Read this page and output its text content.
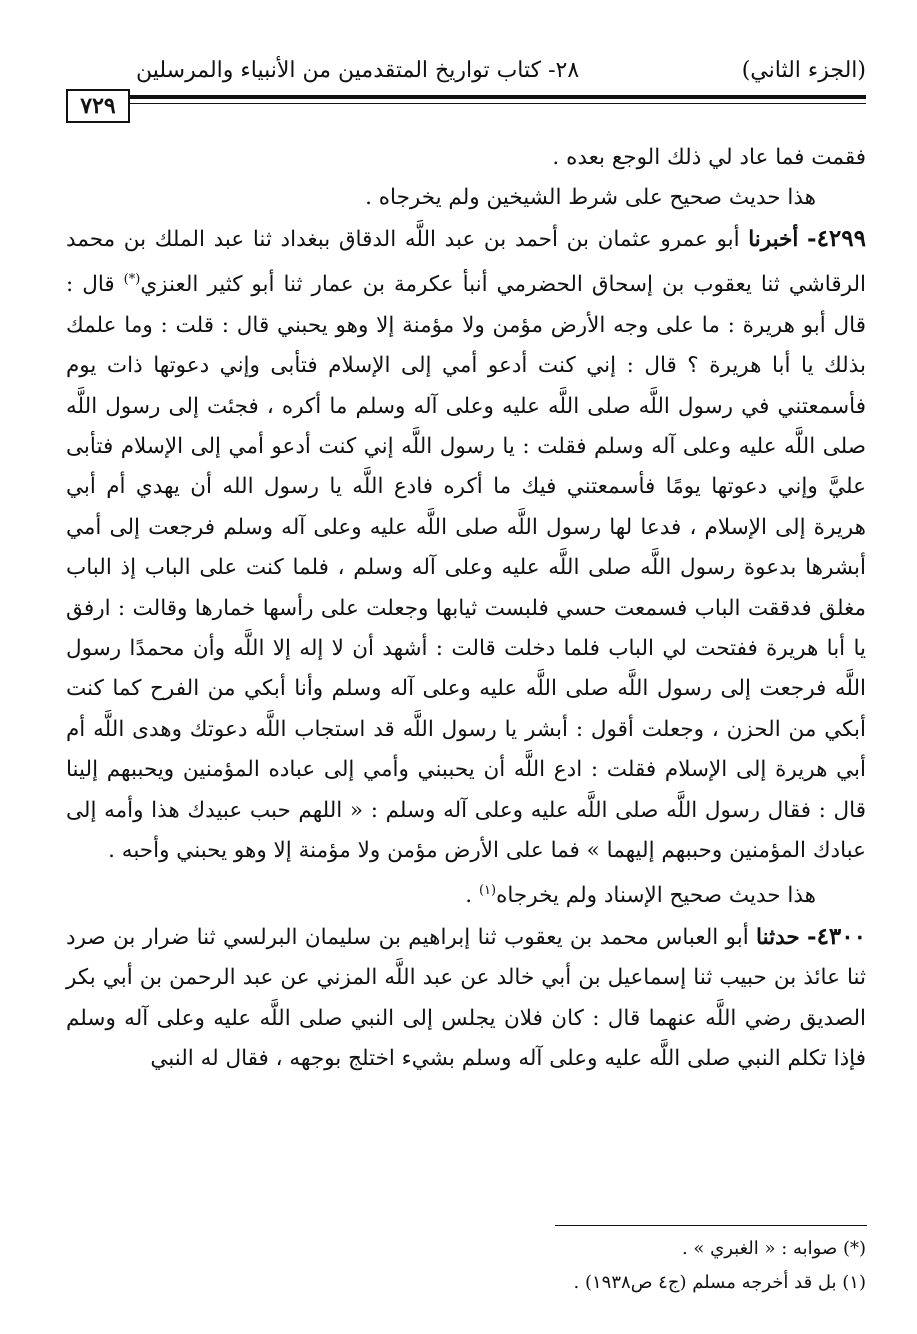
(الجزء الثاني)
٢٨- كتاب تواريخ المتقدمين من الأنبياء والمرسلين
٧٢٩

فقمت فما عاد لي ذلك الوجع بعده .

هذا حديث صحيح على شرط الشيخين ولم يخرجاه .

٤٢٩٩- أخبرنا أبو عمرو عثمان بن أحمد بن عبد اللَّه الدقاق ببغداد ثنا عبد الملك بن محمد الرقاشي ثنا يعقوب بن إسحاق الحضرمي أنبأ عكرمة بن عمار ثنا أبو كثير العنزي(*) قال : قال أبو هريرة : ما على وجه الأرض مؤمن ولا مؤمنة إلا وهو يحبني قال : قلت : وما علمك بذلك يا أبا هريرة ؟ قال : إني كنت أدعو أمي إلى الإسلام فتأبى وإني دعوتها ذات يوم فأسمعتني في رسول اللَّه صلى اللَّه عليه وعلى آله وسلم ما أكره ، فجئت إلى رسول اللَّه صلى اللَّه عليه وعلى آله وسلم فقلت : يا رسول اللَّه إني كنت أدعو أمي إلى الإسلام فتأبى عليَّ وإني دعوتها يومًا فأسمعتني فيك ما أكره فادع اللَّه يا رسول الله أن يهدي أم أبي هريرة إلى الإسلام ، فدعا لها رسول اللَّه صلى اللَّه عليه وعلى آله وسلم فرجعت إلى أمي أبشرها بدعوة رسول اللَّه صلى اللَّه عليه وعلى آله وسلم ، فلما كنت على الباب إذ الباب مغلق فدققت الباب فسمعت حسي فلبست ثيابها وجعلت على رأسها خمارها وقالت : ارفق يا أبا هريرة ففتحت لي الباب فلما دخلت قالت : أشهد أن لا إله إلا اللَّه وأن محمدًا رسول اللَّه فرجعت إلى رسول اللَّه صلى اللَّه عليه وعلى آله وسلم وأنا أبكي من الفرح كما كنت أبكي من الحزن ، وجعلت أقول : أبشر يا رسول اللَّه قد استجاب اللَّه دعوتك وهدى اللَّه أم أبي هريرة إلى الإسلام فقلت : ادع اللَّه أن يحببني وأمي إلى عباده المؤمنين ويحببهم إلينا قال : فقال رسول اللَّه صلى اللَّه عليه وعلى آله وسلم : « اللهم حبب عبيدك هذا وأمه إلى عبادك المؤمنين وحببهم إليهما » فما على الأرض مؤمن ولا مؤمنة إلا وهو يحبني وأحبه .

هذا حديث صحيح الإسناد ولم يخرجاه$^{(١)}$ .

٤٣٠٠- حدثنا أبو العباس محمد بن يعقوب ثنا إبراهيم بن سليمان البرلسي ثنا ضرار بن صرد ثنا عائذ بن حبيب ثنا إسماعيل بن أبي خالد عن عبد اللَّه المزني عن عبد الرحمن بن أبي بكر الصديق رضي اللَّه عنهما قال : كان فلان يجلس إلى النبي صلى اللَّه عليه وعلى آله وسلم فإذا تكلم النبي صلى اللَّه عليه وعلى آله وسلم بشيء اختلج بوجهه ، فقال له النبي

(*) صوابه : « الغبري » .

(١) بل قد أخرجه مسلم (ج٤ ص١٩٣٨) .
